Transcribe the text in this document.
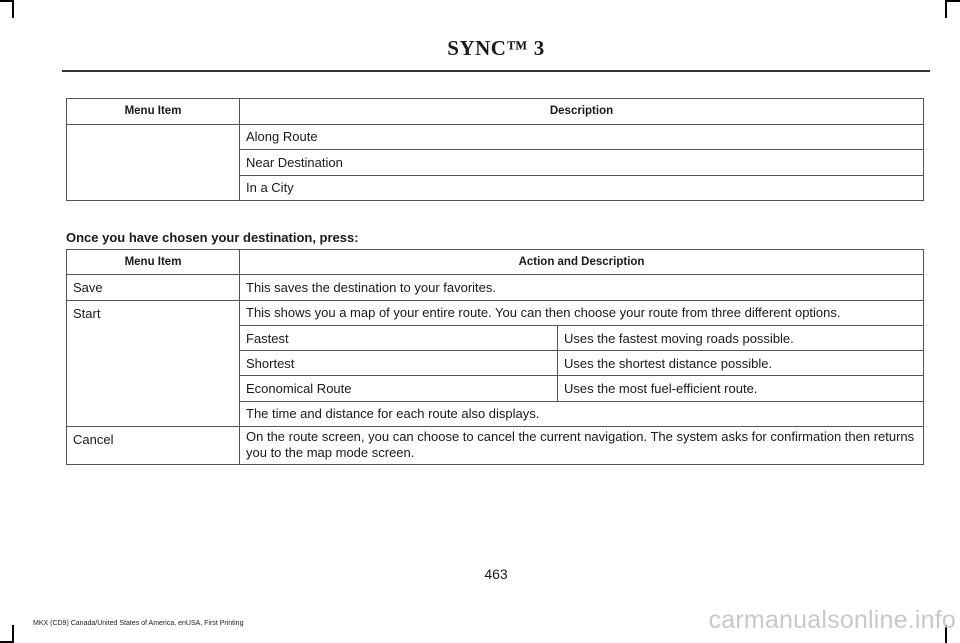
SYNC™ 3
Menu Item	Description
	Along Route
	Near Destination
	In a City
Once you have chosen your destination, press:
Menu Item	Action and Description	
Save	This saves the destination to your favorites.	
Start	This shows you a map of your entire route. You can then choose your route from three different options.	
	Fastest	Uses the fastest moving roads possible.
	Shortest	Uses the shortest distance possible.
	Economical Route	Uses the most fuel-efficient route.
	The time and distance for each route also displays.	
Cancel	On the route screen, you can choose to cancel the current navigation. The system asks for confirmation then returns you to the map mode screen.	
463
MKX (CD9) Canada/United States of America, enUSA, First Printing	carmanualsonline.info
